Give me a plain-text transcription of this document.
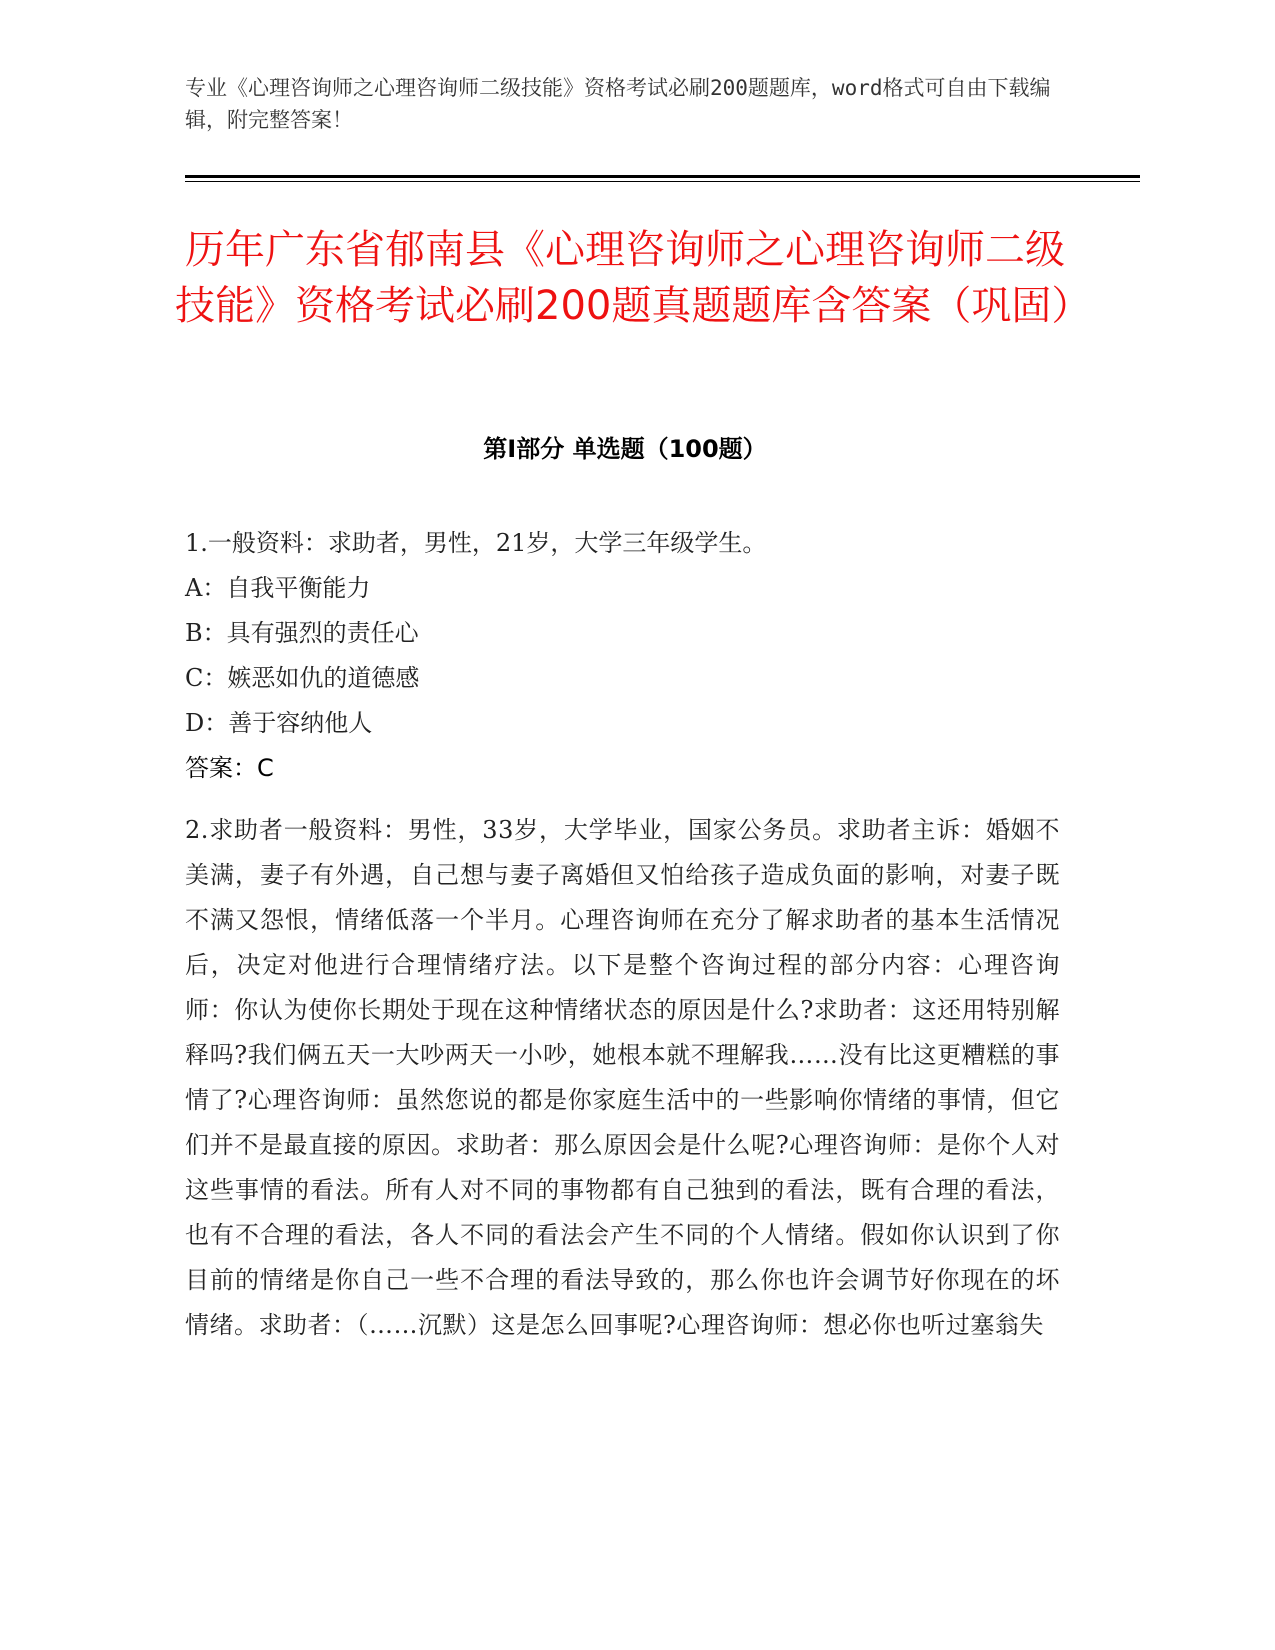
专业《心理咨询师之心理咨询师二级技能》资格考试必刷200题题库，word格式可自由下载编辑，附完整答案！
历年广东省郁南县《心理咨询师之心理咨询师二级技能》资格考试必刷200题真题题库含答案（巩固）
第I部分 单选题（100题）
1.一般资料：求助者，男性，21岁，大学三年级学生。
A：自我平衡能力
B：具有强烈的责任心
C：嫉恶如仇的道德感
D：善于容纳他人
答案：C
2.求助者一般资料：男性，33岁，大学毕业，国家公务员。求助者主诉：婚姻不美满，妻子有外遇，自己想与妻子离婚但又怕给孩子造成负面的影响，对妻子既不满又怨恨，情绪低落一个半月。心理咨询师在充分了解求助者的基本生活情况后，决定对他进行合理情绪疗法。以下是整个咨询过程的部分内容：心理咨询师：你认为使你长期处于现在这种情绪状态的原因是什么?求助者：这还用特别解释吗?我们俩五天一大吵两天一小吵，她根本就不理解我……没有比这更糟糕的事情了?心理咨询师：虽然您说的都是你家庭生活中的一些影响你情绪的事情，但它们并不是最直接的原因。求助者：那么原因会是什么呢?心理咨询师：是你个人对这些事情的看法。所有人对不同的事物都有自己独到的看法，既有合理的看法，也有不合理的看法，各人不同的看法会产生不同的个人情绪。假如你认识到了你目前的情绪是你自己一些不合理的看法导致的，那么你也许会调节好你现在的坏情绪。求助者：（……沉默）这是怎么回事呢?心理咨询师：想必你也听过塞翁失
